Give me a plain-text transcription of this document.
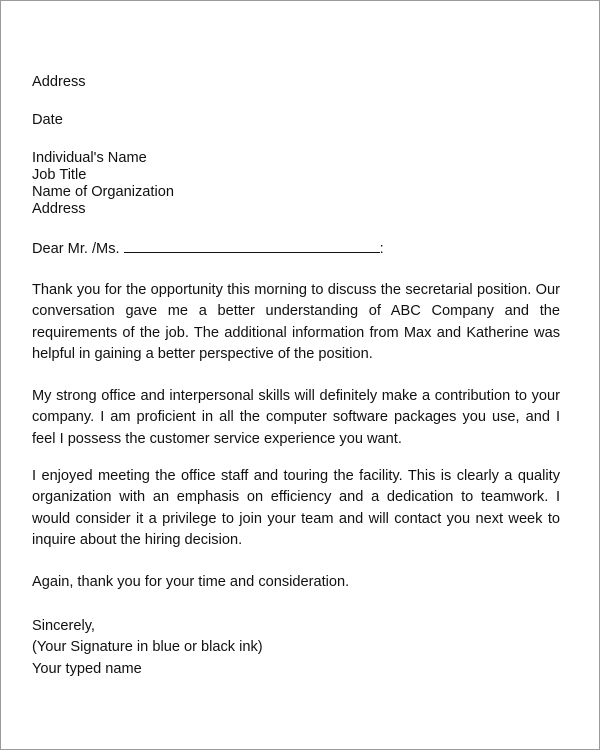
Address
Date
Individual's Name
Job Title
Name of Organization
Address
Dear Mr. /Ms.	:

Thank you for the opportunity this morning to discuss the secretarial position. Our conversation gave me a better understanding of ABC Company and the requirements of the job. The additional information from Max and Katherine was helpful in gaining a better perspective of the position.

My strong office and interpersonal skills will definitely make a contribution to your company. I am proficient in all the computer software packages you use, and I feel I possess the customer service experience you want.

I enjoyed meeting the office staff and touring the facility. This is clearly a quality organization with an emphasis on efficiency and a dedication to teamwork. I would consider it a privilege to join your team and will contact you next week to inquire about the hiring decision.

Again, thank you for your time and consideration.

Sincerely,
(Your Signature in blue or black ink)
Your typed name
